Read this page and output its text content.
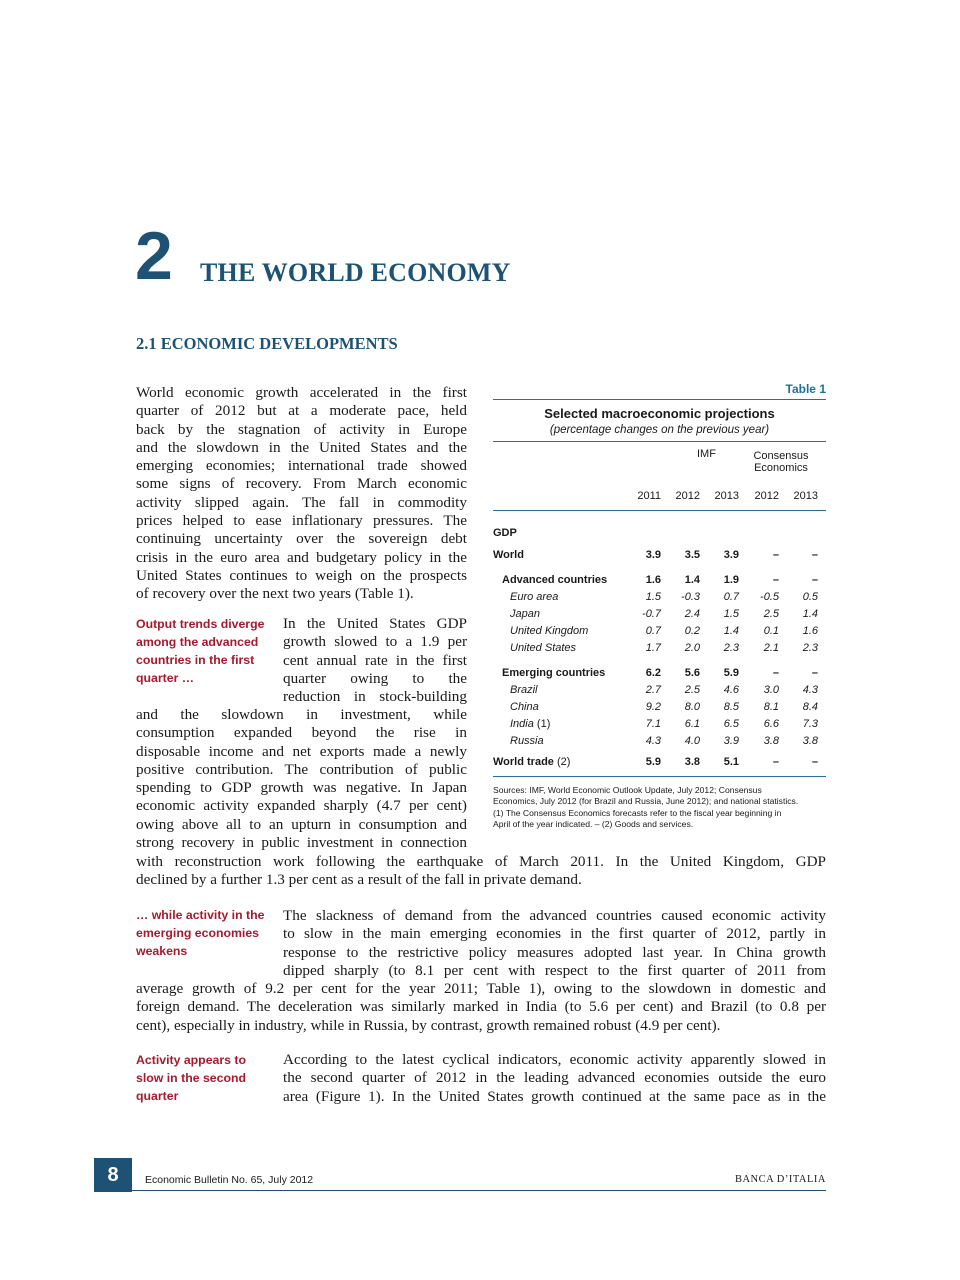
2 THE WORLD ECONOMY
2.1 ECONOMIC DEVELOPMENTS
World economic growth accelerated in the first
quarter of 2012 but at a moderate pace, held
back by the stagnation of activity in Europe
and the slowdown in the United States and the
emerging economies; international trade showed
some signs of recovery. From March economic
activity slipped again. The fall in commodity
prices helped to ease inflationary pressures. The
continuing uncertainty over the sovereign debt
crisis in the euro area and budgetary policy in the
United States continues to weigh on the prospects
of recovery over the next two years (Table 1).
Output trends diverge
among the advanced
countries in the first
quarter …
In the United States GDP
growth slowed to a 1.9 per
cent annual rate in the first
quarter owing to the
reduction in stock-building
and the slowdown in investment, while
consumption expanded beyond the rise in
disposable income and net exports made a newly
positive contribution. The contribution of public
spending to GDP growth was negative. In Japan
economic activity expanded sharply (4.7 per cent)
owing above all to an upturn in consumption and
strong recovery in public investment in connection
with reconstruction work following the earthquake of March 2011. In the United Kingdom, GDP
declined by a further 1.3 per cent as a result of the fall in private demand.
… while activity in the
emerging economies
weakens
The slackness of demand from the advanced countries caused economic activity
to slow in the main emerging economies in the first quarter of 2012, partly in
response to the restrictive policy measures adopted last year. In China growth
dipped sharply (to 8.1 per cent with respect to the first quarter of 2011 from
average growth of 9.2 per cent for the year 2011; Table 1), owing to the slowdown in domestic and
foreign demand. The deceleration was similarly marked in India (to 5.6 per cent) and Brazil (to 0.8 per
cent), especially in industry, while in Russia, by contrast, growth remained robust (4.9 per cent).
Activity appears to
slow in the second
quarter
According to the latest cyclical indicators, economic activity apparently slowed in
the second quarter of 2012 in the leading advanced economies outside the euro
area (Figure 1). In the United States growth continued at the same pace as in the
Table 1
Selected macroeconomic projections
(percentage changes on the previous year)
IMF	Consensus
Economics
2011 2012 2013 2012 2013
GDP
World	3.9 3.5 3.9	–	–
Advanced countries	1.6 1.4 1.9	–	–
Euro area	1.5 -0.3 0.7 -0.5 0.5
Japan	-0.7 2.4 1.5 2.5 1.4
United Kingdom	0.7 0.2 1.4 0.1 1.6
United States	1.7 2.0 2.3 2.1 2.3
Emerging countries	6.2 5.6 5.9	–	–
Brazil	2.7 2.5 4.6 3.0 4.3
China	9.2 8.0 8.5 8.1 8.4
India (1)	7.1 6.1 6.5 6.6 7.3
Russia	4.3 4.0 3.9 3.8 3.8
World trade (2)	5.9 3.8 5.1	–	–
Sources: IMF, World Economic Outlook Update, July 2012; Consensus
Economics, July 2012 (for Brazil and Russia, June 2012); and national statistics.
(1) The Consensus Economics forecasts refer to the fiscal year beginning in
April of the year indicated. – (2) Goods and services.
8	Economic Bulletin No. 65, July 2012	BANCA D’ITALIA
